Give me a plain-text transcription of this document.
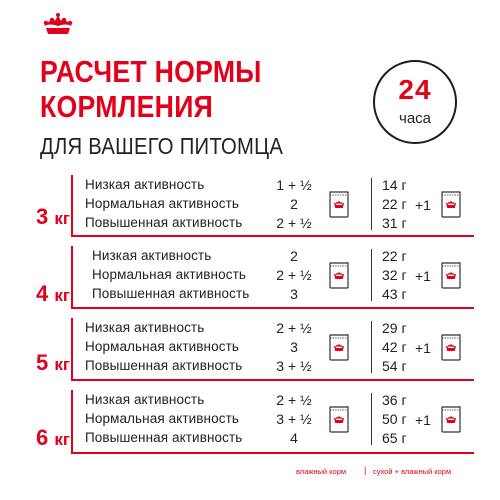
РАСЧЕТ НОРМЫ
КОРМЛЕНИЯ
ДЛЯ ВАШЕГО ПИТОМЦА
24
часа
3 кг
Низкая активность	1 + ½	14 г
Нормальная активность	2	22 г
Повышенная активность 2 + ½	31 г
+1
4 кг
Низкая активность	2	22 г
Нормальная активность 2 + ½	32 г
Повышенная активность	3	43 г
+1
5 кг
Низкая активность	2 + ½	29 г
Нормальная активность	3	42 г
Повышенная активность 3 + ½	54 г
+1
6 кг
Низкая активность	2 + ½	36 г
Нормальная активность	3 + ½	50 г
Повышенная активность	4	65 г
+1
влажный корм | сухой + влажный корм
